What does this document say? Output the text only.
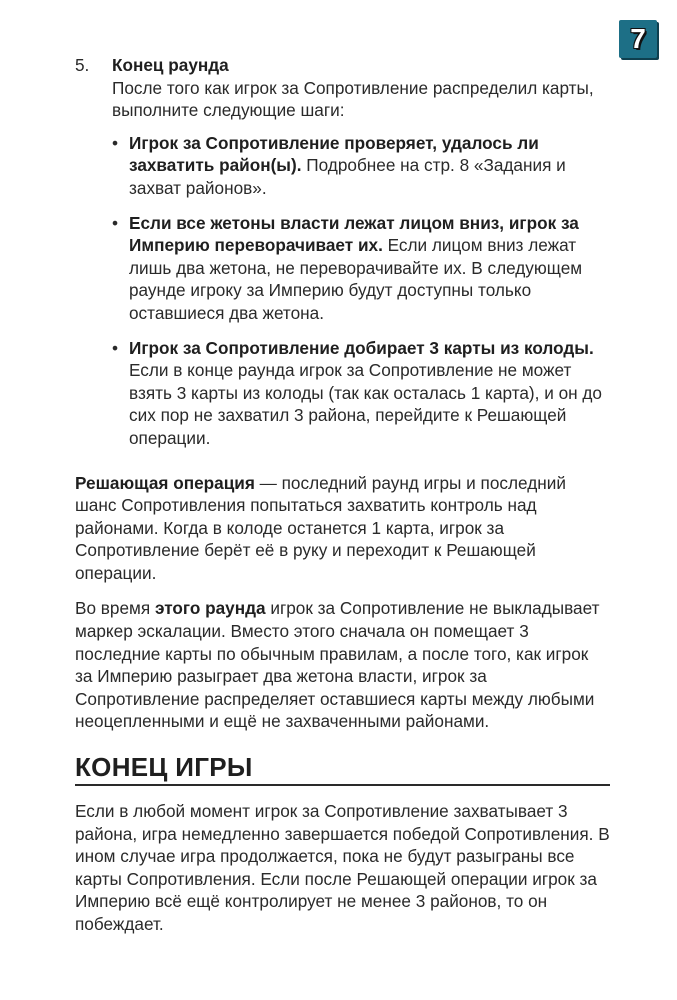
7
5.	Конец раунда

После того как игрок за Сопротивление распределил карты, выполните следующие шаги:

• Игрок за Сопротивление проверяет, удалось ли захватить район(ы). Подробнее на стр. 8 «Задания и захват районов».
• Если все жетоны власти лежат лицом вниз, игрок за Империю переворачивает их. Если лицом вниз лежат лишь два жетона, не переворачивайте их. В следующем раунде игроку за Империю будут доступны только оставшиеся два жетона.
• Игрок за Сопротивление добирает 3 карты из колоды. Если в конце раунда игрок за Сопротивление не может взять 3 карты из колоды (так как осталась 1 карта), и он до сих пор не захватил 3 района, перейдите к Решающей операции.

Решающая операция — последний раунд игры и последний шанс Сопротивления попытаться захватить контроль над районами. Когда в колоде останется 1 карта, игрок за Сопротивление берёт её в руку и переходит к Решающей операции.

Во время этого раунда игрок за Сопротивление не выкладывает маркер эскалации. Вместо этого сначала он помещает 3 последние карты по обычным правилам, а после того, как игрок за Империю разыграет два жетона власти, игрок за Сопротивление распределяет оставшиеся карты между любыми неоцепленными и ещё не захваченными районами.

КОНЕЦ ИГРЫ

Если в любой момент игрок за Сопротивление захватывает 3 района, игра немедленно завершается победой Сопротивления. В ином случае игра продолжается, пока не будут разыграны все карты Сопротивления. Если после Решающей операции игрок за Империю всё ещё контролирует не менее 3 районов, то он побеждает.
